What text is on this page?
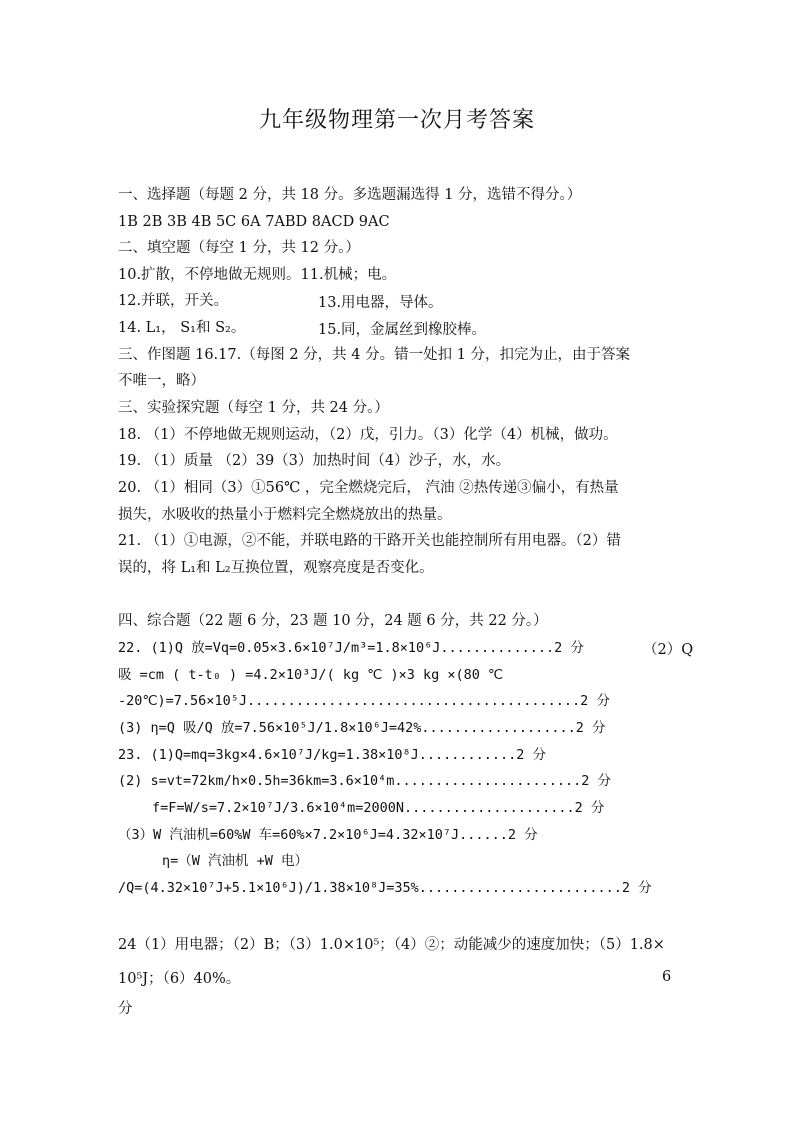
九年级物理第一次月考答案
一、选择题（每题 2 分，共 18 分。多选题漏选得 1 分，选错不得分。）
1B 2B 3B 4B 5C 6A 7ABD 8ACD 9AC
二、填空题（每空 1 分，共 12 分。）
10.扩散，不停地做无规则。11.机械；电。
12.并联，开关。	13.用电器，导体。
14. L₁， S₁和 S₂。	15.同，金属丝到橡胶棒。
三、作图题 16.17.（每图 2 分，共 4 分。错一处扣 1 分，扣完为止，由于答案
不唯一，略）
三、实验探究题（每空 1 分，共 24 分。）
18. （1）不停地做无规则运动，（2）戊，引力。（3）化学（4）机械，做功。
19. （1）质量 （2）39（3）加热时间（4）沙子，水，水。
20. （1）相同（3）①56℃ ，完全燃烧完后， 汽油 ②热传递③偏小，有热量
损失，水吸收的热量小于燃料完全燃烧放出的热量。
21. （1）①电源，②不能，并联电路的干路开关也能控制所有用电器。（2）错
误的，将 L₁和 L₂互换位置，观察亮度是否变化。
四、综合题（22 题 6 分，23 题 10 分，24 题 6 分，共 22 分。）
22. (1)Q 放=Vq=0.05×3.6×10⁷J/m³=1.8×10⁶J..............2 分	（2）Q
吸 =cm ( t-t₀ ) =4.2×10³J/( kg ℃ )×3 kg ×(80 ℃
-20℃)=7.56×10⁵J.........................................2 分
(3) η=Q 吸/Q 放=7.56×10⁵J/1.8×10⁶J=42%...................2 分
23. (1)Q=mq=3kg×4.6×10⁷J/kg=1.38×10⁸J............2 分
(2) s=vt=72km/h×0.5h=36km=3.6×10⁴m.......................2 分
f=F=W/s=7.2×10⁷J/3.6×10⁴m=2000N.....................2 分
（3）W 汽油机=60%W 车=60%×7.2×10⁶J=4.32×10⁷J......2 分
η=（W 汽油机 +W 电）
/Q=(4.32×10⁷J+5.1×10⁶J)/1.38×10⁸J=35%.........................2 分
24（1）用电器；（2）B；（3）1.0×10⁵；（4）②；动能减少的速度加快；（5）1.8×
10⁵J；（6）40%。	6
分
